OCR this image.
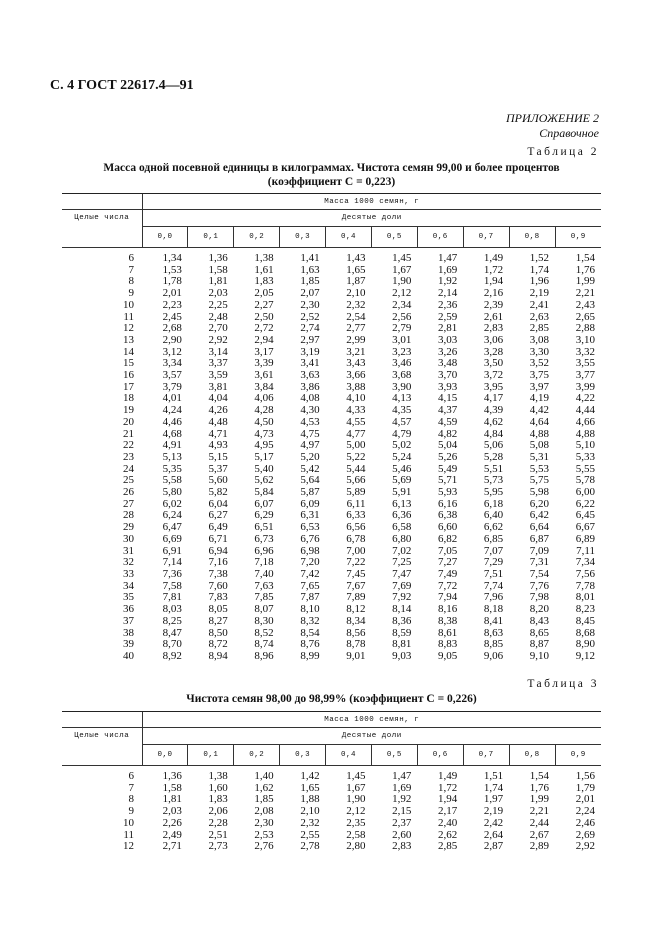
С. 4 ГОСТ 22617.4—91
ПРИЛОЖЕНИЕ 2
Справочное
Таблица 2
Масса одной посевной единицы в килограммах. Чистота семян 99,00 и более процентов
(коэффициент C = 0,223)
	Масса 1000 семян, г									
Целые числа	Десятые доли									
	0,0	0,1	0,2	0,3	0,4	0,5	0,6	0,7	0,8	0,9

6	1,34	1,36	1,38	1,41	1,43	1,45	1,47	1,49	1,52	1,54
7	1,53	1,58	1,61	1,63	1,65	1,67	1,69	1,72	1,74	1,76
8	1,78	1,81	1,83	1,85	1,87	1,90	1,92	1,94	1,96	1,99
9	2,01	2,03	2,05	2,07	2,10	2,12	2,14	2,16	2,19	2,21
10	2,23	2,25	2,27	2,30	2,32	2,34	2,36	2,39	2,41	2,43
11	2,45	2,48	2,50	2,52	2,54	2,56	2,59	2,61	2,63	2,65
12	2,68	2,70	2,72	2,74	2,77	2,79	2,81	2,83	2,85	2,88
13	2,90	2,92	2,94	2,97	2,99	3,01	3,03	3,06	3,08	3,10
14	3,12	3,14	3,17	3,19	3,21	3,23	3,26	3,28	3,30	3,32
15	3,34	3,37	3,39	3,41	3,43	3,46	3,48	3,50	3,52	3,55
16	3,57	3,59	3,61	3,63	3,66	3,68	3,70	3,72	3,75	3,77
17	3,79	3,81	3,84	3,86	3,88	3,90	3,93	3,95	3,97	3,99
18	4,01	4,04	4,06	4,08	4,10	4,13	4,15	4,17	4,19	4,22
19	4,24	4,26	4,28	4,30	4,33	4,35	4,37	4,39	4,42	4,44
20	4,46	4,48	4,50	4,53	4,55	4,57	4,59	4,62	4,64	4,66
21	4,68	4,71	4,73	4,75	4,77	4,79	4,82	4,84	4,88	4,88
22	4,91	4,93	4,95	4,97	5,00	5,02	5,04	5,06	5,08	5,10
23	5,13	5,15	5,17	5,20	5,22	5,24	5,26	5,28	5,31	5,33
24	5,35	5,37	5,40	5,42	5,44	5,46	5,49	5,51	5,53	5,55
25	5,58	5,60	5,62	5,64	5,66	5,69	5,71	5,73	5,75	5,78
26	5,80	5,82	5,84	5,87	5,89	5,91	5,93	5,95	5,98	6,00
27	6,02	6,04	6,07	6,09	6,11	6,13	6,16	6,18	6,20	6,22
28	6,24	6,27	6,29	6,31	6,33	6,36	6,38	6,40	6,42	6,45
29	6,47	6,49	6,51	6,53	6,56	6,58	6,60	6,62	6,64	6,67
30	6,69	6,71	6,73	6,76	6,78	6,80	6,82	6,85	6,87	6,89
31	6,91	6,94	6,96	6,98	7,00	7,02	7,05	7,07	7,09	7,11
32	7,14	7,16	7,18	7,20	7,22	7,25	7,27	7,29	7,31	7,34
33	7,36	7,38	7,40	7,42	7,45	7,47	7,49	7,51	7,54	7,56
34	7,58	7,60	7,63	7,65	7,67	7,69	7,72	7,74	7,76	7,78
35	7,81	7,83	7,85	7,87	7,89	7,92	7,94	7,96	7,98	8,01
36	8,03	8,05	8,07	8,10	8,12	8,14	8,16	8,18	8,20	8,23
37	8,25	8,27	8,30	8,32	8,34	8,36	8,38	8,41	8,43	8,45
38	8,47	8,50	8,52	8,54	8,56	8,59	8,61	8,63	8,65	8,68
39	8,70	8,72	8,74	8,76	8,78	8,81	8,83	8,85	8,87	8,90
40	8,92	8,94	8,96	8,99	9,01	9,03	9,05	9,06	9,10	9,12
Таблица 3
Чистота семян 98,00 до 98,99% (коэффициент C = 0,226)
	Масса 1000 семян, г									
Целые числа	Десятые доли									
	0,0	0,1	0,2	0,3	0,4	0,5	0,6	0,7	0,8	0,9

6	1,36	1,38	1,40	1,42	1,45	1,47	1,49	1,51	1,54	1,56
7	1,58	1,60	1,62	1,65	1,67	1,69	1,72	1,74	1,76	1,79
8	1,81	1,83	1,85	1,88	1,90	1,92	1,94	1,97	1,99	2,01
9	2,03	2,06	2,08	2,10	2,12	2,15	2,17	2,19	2,21	2,24
10	2,26	2,28	2,30	2,32	2,35	2,37	2,40	2,42	2,44	2,46
11	2,49	2,51	2,53	2,55	2,58	2,60	2,62	2,64	2,67	2,69
12	2,71	2,73	2,76	2,78	2,80	2,83	2,85	2,87	2,89	2,92
